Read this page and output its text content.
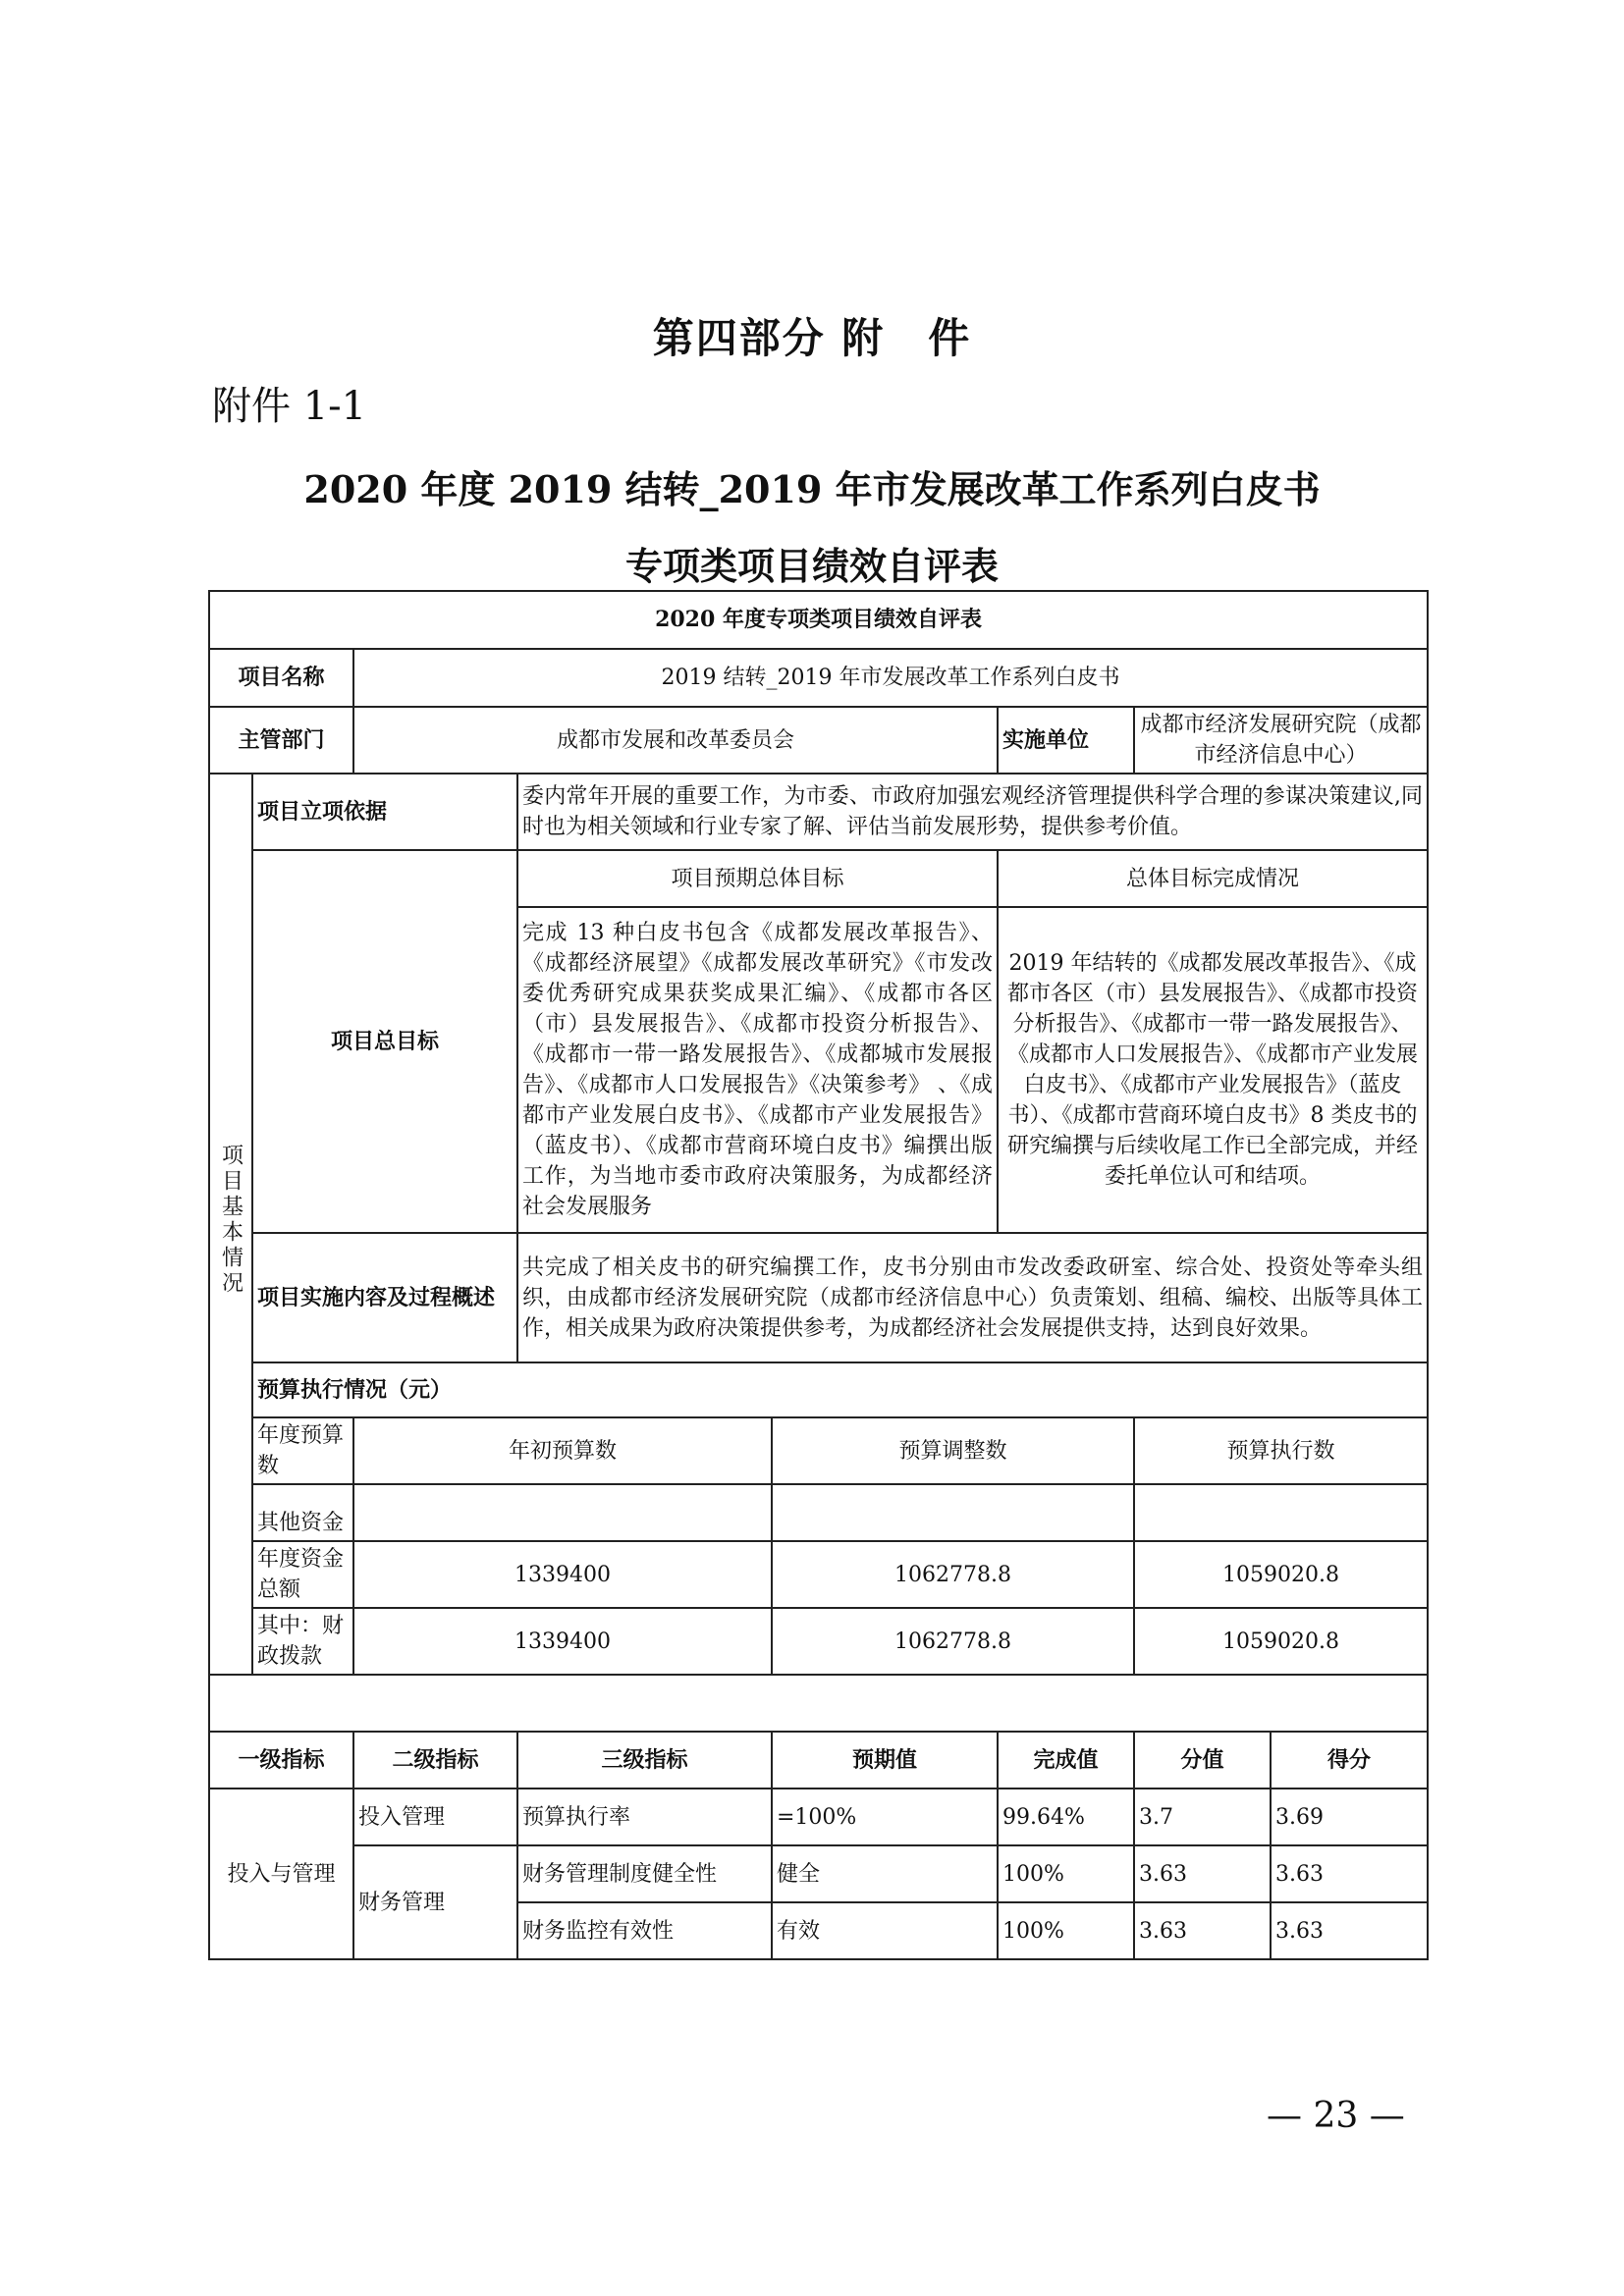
第四部分 附　件
附件 1-1
2020 年度 2019 结转_2019 年市发展改革工作系列白皮书
专项类项目绩效自评表
2020 年度专项类项目绩效自评表							
项目名称		2019 结转_2019 年市发展改革工作系列白皮书					
主管部门		成都市发展和改革委员会			实施单位	成都市经济发展研究院（成都市经济信息中心）	
项目基本情况	项目立项依据		委内常年开展的重要工作，为市委、市政府加强宏观经济管理提供科学合理的参谋决策建议,同时也为相关领域和行业专家了解、评估当前发展形势，提供参考价值。				
	项目总目标		项目预期总体目标		总体目标完成情况		
			完成 13 种白皮书包含《成都发展改革报告》、《成都经济展望》《成都发展改革研究》《市发改委优秀研究成果获奖成果汇编》、《成都市各区（市）县发展报告》、《成都市投资分析报告》、《成都市一带一路发展报告》、《成都城市发展报告》、《成都市人口发展报告》《决策参考》 、《成都市产业发展白皮书》、《成都市产业发展报告》（蓝皮书）、《成都市营商环境白皮书》编撰出版工作，为当地市委市政府决策服务，为成都经济社会发展服务		2019 年结转的《成都发展改革报告》、《成都市各区（市）县发展报告》、《成都市投资分析报告》、《成都市一带一路发展报告》、《成都市人口发展报告》、《成都市产业发展白皮书》、《成都市产业发展报告》（蓝皮书）、《成都市营商环境白皮书》8 类皮书的研究编撰与后续收尾工作已全部完成，并经委托单位认可和结项。		
	项目实施内容及过程概述		共完成了相关皮书的研究编撰工作，皮书分别由市发改委政研室、综合处、投资处等牵头组织，由成都市经济发展研究院（成都市经济信息中心）负责策划、组稿、编校、出版等具体工作，相关成果为政府决策提供参考，为成都经济社会发展提供支持，达到良好效果。				
	预算执行情况（元）						
	年度预算数	年初预算数		预算调整数		预算执行数	
	其他资金						
	年度资金总额	1339400		1062778.8		1059020.8	
	其中：财政拨款	1339400		1062778.8		1059020.8	

一级指标		二级指标	三级指标	预期值	完成值	分值	得分
投入与管理		投入管理	预算执行率	=100%	99.64%	3.7	3.69
		财务管理	财务管理制度健全性	健全	100%	3.63	3.63
			财务监控有效性	有效	100%	3.63	3.63
— 23 —
